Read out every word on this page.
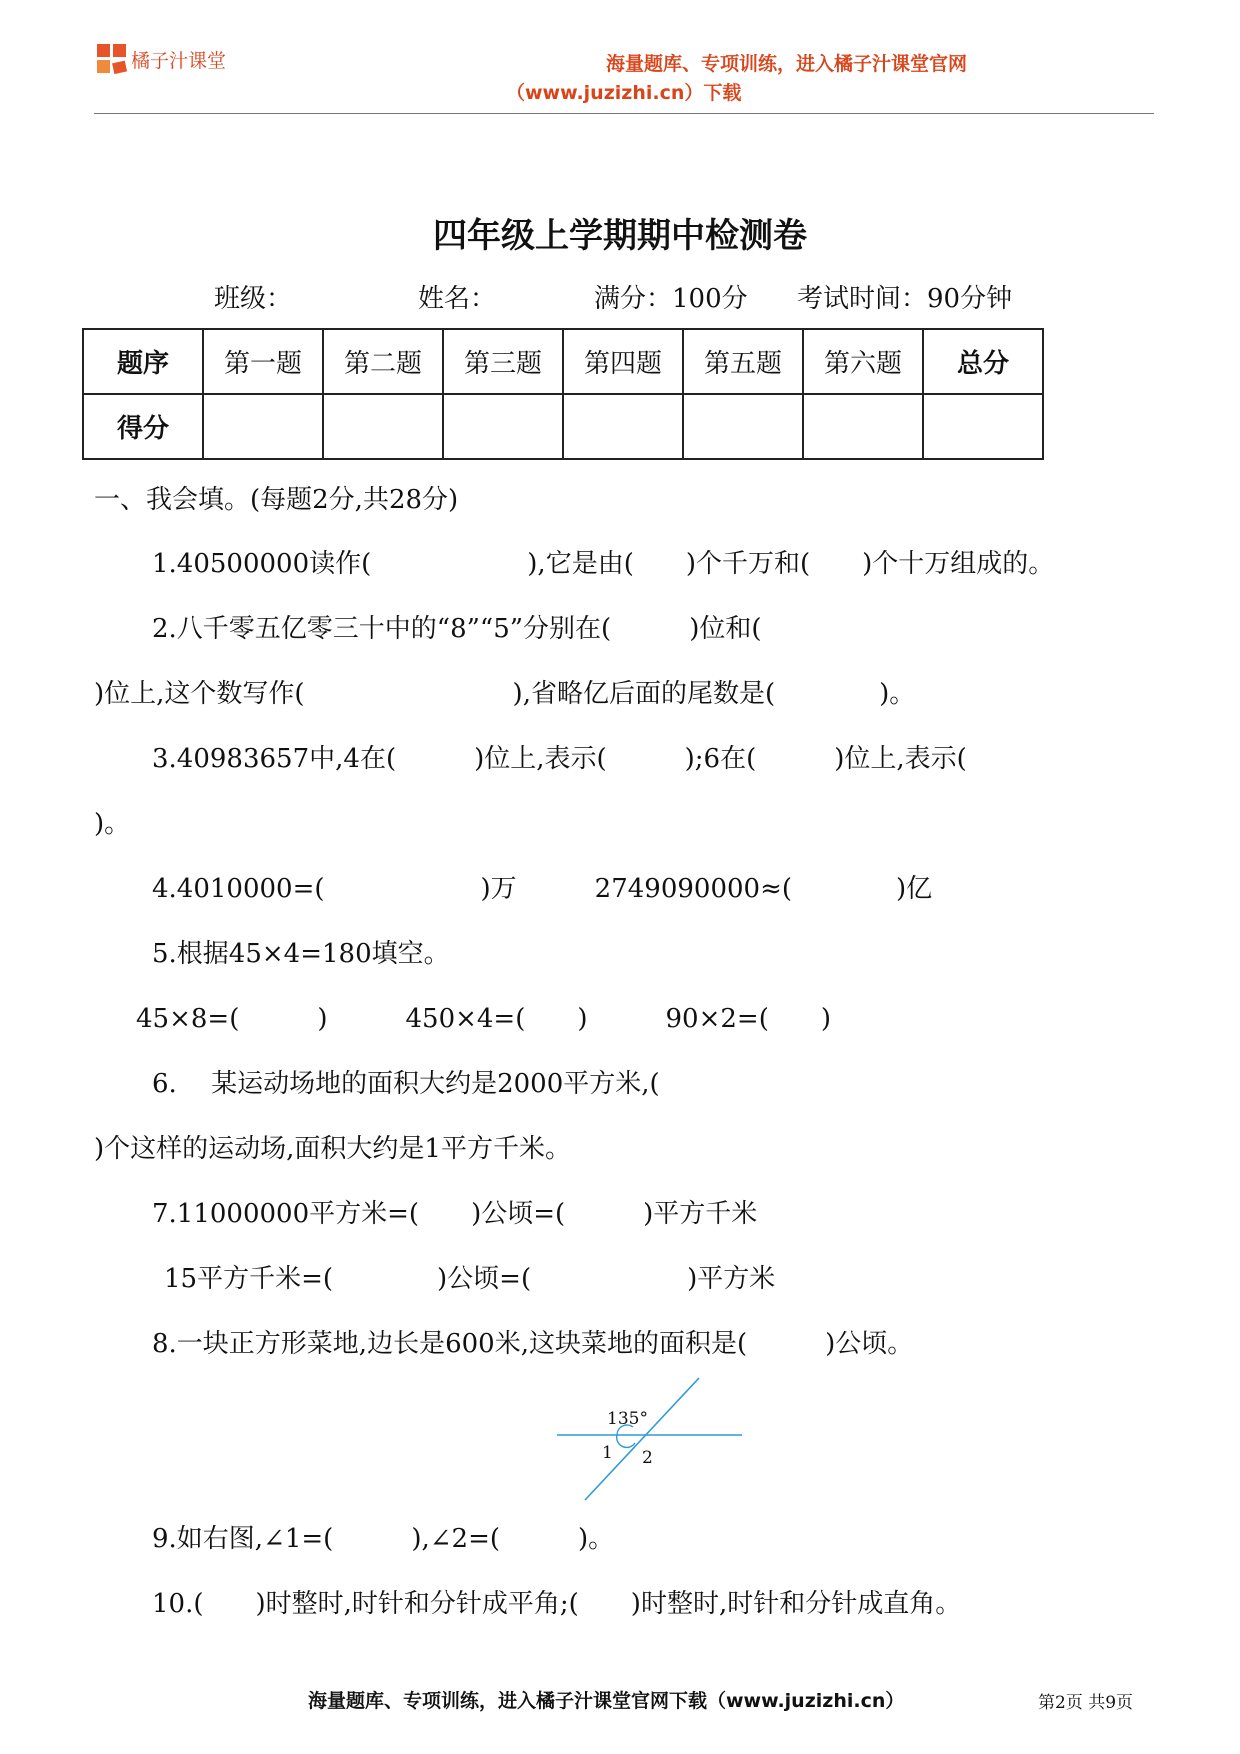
橘子汁课堂	海量题库、专项训练，进入橘子汁课堂官网
（www.juzizhi.cn）下载
四年级上学期期中检测卷
班级：	姓名：	满分：100分 考试时间：90分钟
题序	第一题	第二题	第三题	第四题	第五题	第六题	总分
得分							
一、我会填。(每题2分,共28分)
1.40500000读作(　　　　　　),它是由(　　)个千万和(　　)个十万组成的。
2.八千零五亿零三十中的“8”“5”分别在(　　　)位和(
)位上,这个数写作(　　　　　　　　),省略亿后面的尾数是(　　　　)。
3.40983657中,4在(　　　)位上,表示(　　　);6在(　　　)位上,表示(
)。
4.4010000=(　　　　　　)万　　　2749090000≈(　　　　)亿
5.根据45×4=180填空。
45×8=(　　　)　　　450×4=(　　)　　　90×2=(　　)
6.　 某运动场地的面积大约是2000平方米,(
)个这样的运动场,面积大约是1平方千米。
7.11000000平方米=(　　)公顷=(　　　)平方千米
15平方千米=(　　　　)公顷=(　　　　　　)平方米
8.一块正方形菜地,边长是600米,这块菜地的面积是(　　　)公顷。
135°
1 2
9.如右图,∠1=(　　　),∠2=(　　　)。
10.(　　)时整时,时针和分针成平角;(　　)时整时,时针和分针成直角。
海量题库、专项训练，进入橘子汁课堂官网下载（www.juzizhi.cn）	第2页 共9页
